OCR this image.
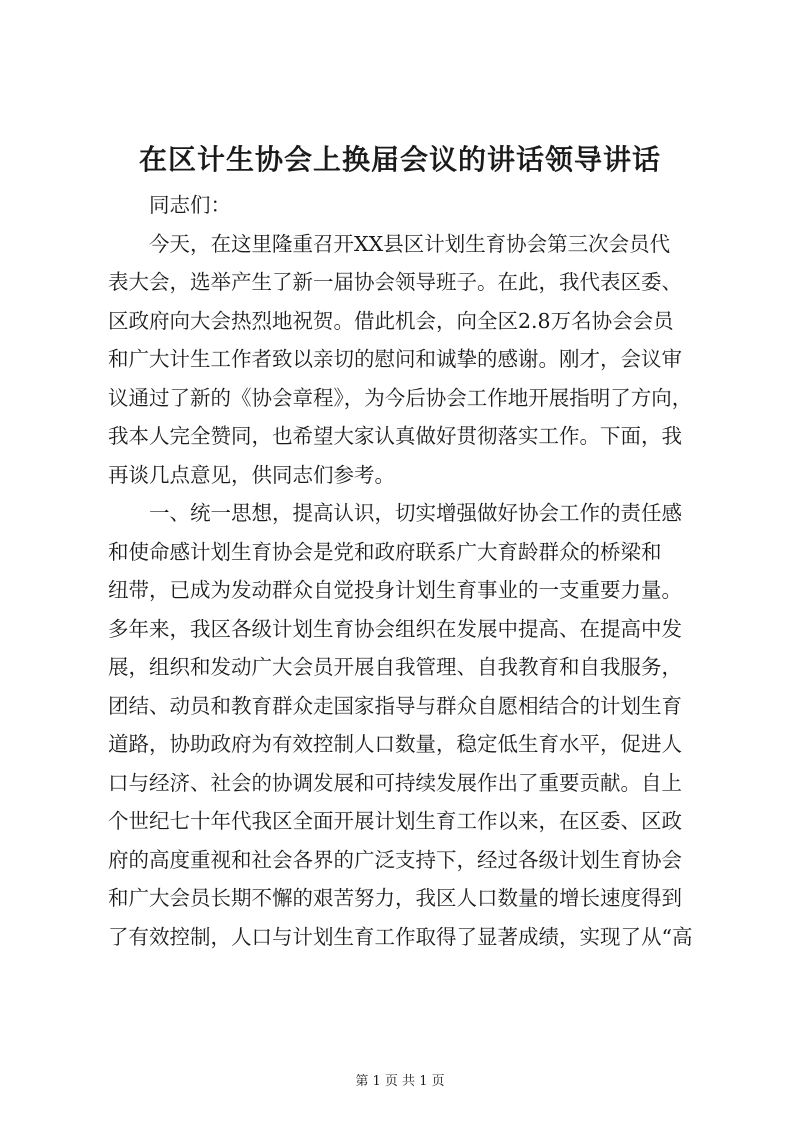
在区计生协会上换届会议的讲话领导讲话
　　同志们：
　　今天，在这里隆重召开XX县区计划生育协会第三次会员代
表大会，选举产生了新一届协会领导班子。在此，我代表区委、
区政府向大会热烈地祝贺。借此机会，向全区2.8万名协会会员
和广大计生工作者致以亲切的慰问和诚挚的感谢。刚才，会议审
议通过了新的《协会章程》，为今后协会工作地开展指明了方向，
我本人完全赞同，也希望大家认真做好贯彻落实工作。下面，我
再谈几点意见，供同志们参考。
　　一、统一思想，提高认识，切实增强做好协会工作的责任感
和使命感计划生育协会是党和政府联系广大育龄群众的桥梁和
纽带，已成为发动群众自觉投身计划生育事业的一支重要力量。
多年来，我区各级计划生育协会组织在发展中提高、在提高中发
展，组织和发动广大会员开展自我管理、自我教育和自我服务，
团结、动员和教育群众走国家指导与群众自愿相结合的计划生育
道路，协助政府为有效控制人口数量，稳定低生育水平，促进人
口与经济、社会的协调发展和可持续发展作出了重要贡献。自上
个世纪七十年代我区全面开展计划生育工作以来，在区委、区政
府的高度重视和社会各界的广泛支持下，经过各级计划生育协会
和广大会员长期不懈的艰苦努力，我区人口数量的增长速度得到
了有效控制，人口与计划生育工作取得了显著成绩，实现了从“高
第 1 页 共 1 页
